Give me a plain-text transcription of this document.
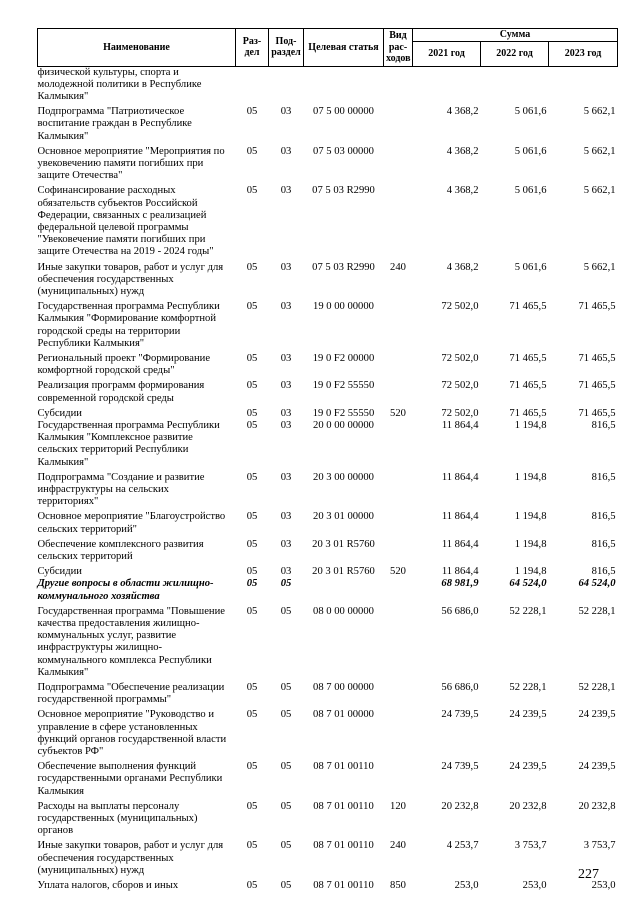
Наименование	Раз-дел	Под-раздел	Целевая статья	Вид рас-ходов	Сумма		
					2021 год	2022 год	2023 год
физической культуры, спорта и молодежной политики в Республике Калмыкия"							
Подпрограмма "Патриотическое воспитание граждан в Республике Калмыкия"	05	03	07 5 00 00000		4 368,2	5 061,6	5 662,1
Основное мероприятие "Мероприятия по увековечению памяти погибших при защите Отечества"	05	03	07 5 03 00000		4 368,2	5 061,6	5 662,1
Софинансирование расходных обязательств субъектов Российской Федерации, связанных с реализацией федеральной целевой программы "Увековечение памяти погибших при защите Отечества на 2019 - 2024 годы"	05	03	07 5 03 R2990		4 368,2	5 061,6	5 662,1
Иные закупки товаров, работ и услуг для обеспечения государственных (муниципальных) нужд	05	03	07 5 03 R2990	240	4 368,2	5 061,6	5 662,1
Государственная программа Республики Калмыкия "Формирование комфортной городской среды на территории Республики Калмыкия"	05	03	19 0 00 00000		72 502,0	71 465,5	71 465,5
Региональный проект "Формирование комфортной городской среды"	05	03	19 0 F2 00000		72 502,0	71 465,5	71 465,5
Реализация программ формирования современной городской среды	05	03	19 0 F2 55550		72 502,0	71 465,5	71 465,5
Субсидии	05	03	19 0 F2 55550	520	72 502,0	71 465,5	71 465,5
Государственная программа Республики Калмыкия "Комплексное развитие сельских территорий Республики Калмыкия"	05	03	20 0 00 00000		11 864,4	1 194,8	816,5
Подпрограмма "Создание и развитие инфраструктуры на сельских территориях"	05	03	20 3 00 00000		11 864,4	1 194,8	816,5
Основное мероприятие "Благоустройство сельских территорий"	05	03	20 3 01 00000		11 864,4	1 194,8	816,5
Обеспечение комплексного развития сельских территорий	05	03	20 3 01 R5760		11 864,4	1 194,8	816,5
Субсидии	05	03	20 3 01 R5760	520	11 864,4	1 194,8	816,5
Другие вопросы в области жилищно-коммунального хозяйства	05	05			68 981,9	64 524,0	64 524,0
Государственная программа "Повышение качества предоставления жилищно-коммунальных услуг, развитие инфраструктуры жилищно-коммунального комплекса Республики Калмыкия"	05	05	08 0 00 00000		56 686,0	52 228,1	52 228,1
Подпрограмма "Обеспечение реализации государственной программы"	05	05	08 7 00 00000		56 686,0	52 228,1	52 228,1
Основное мероприятие "Руководство и управление в сфере установленных функций органов государственной власти субъектов РФ"	05	05	08 7 01 00000		24 739,5	24 239,5	24 239,5
Обеспечение выполнения функций государственными органами Республики Калмыкия	05	05	08 7 01 00110		24 739,5	24 239,5	24 239,5
Расходы на выплаты персоналу государственных (муниципальных) органов	05	05	08 7 01 00110	120	20 232,8	20 232,8	20 232,8
Иные закупки товаров, работ и услуг для обеспечения государственных (муниципальных) нужд	05	05	08 7 01 00110	240	4 253,7	3 753,7	3 753,7
Уплата налогов, сборов и иных	05	05	08 7 01 00110	850	253,0	253,0	253,0
227
